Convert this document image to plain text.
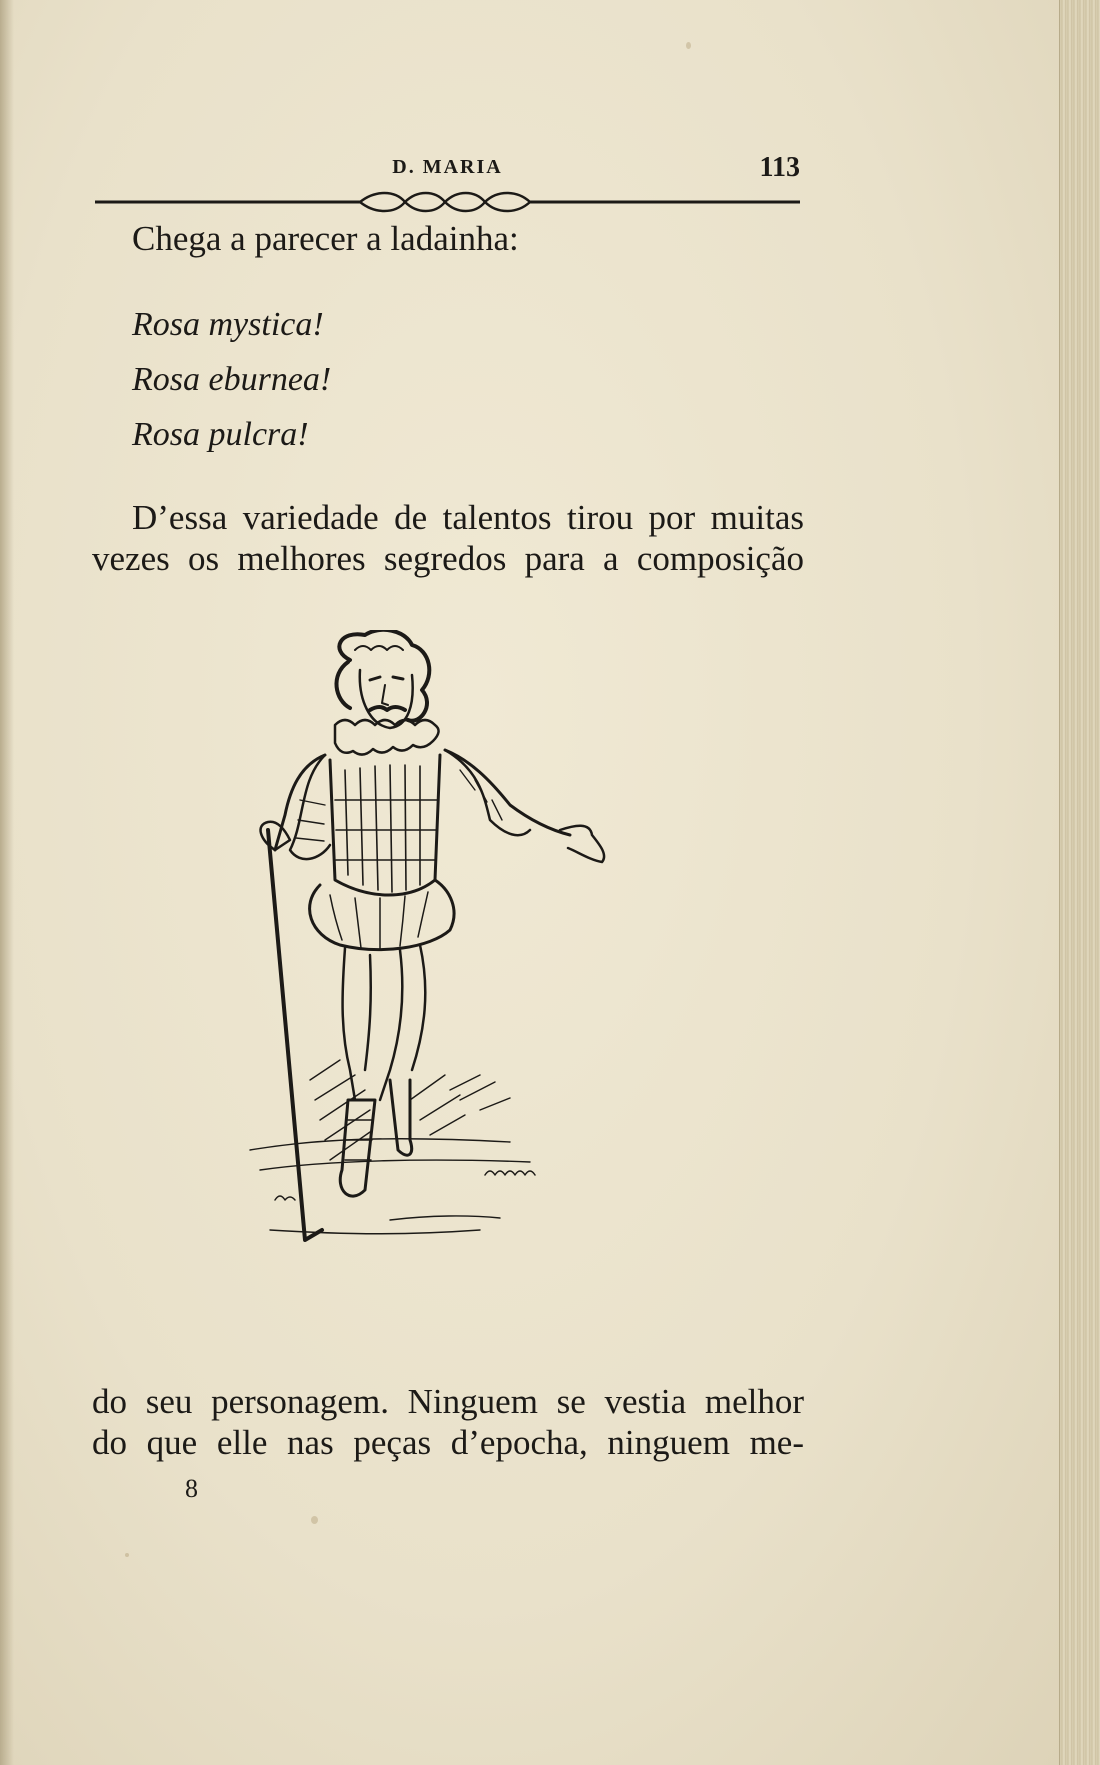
D. MARIA	113
Chega a parecer a ladainha:
Rosa mystica!
Rosa eburnea!
Rosa pulcra!
D’essa variedade de talentos tirou por muitas
vezes os melhores segredos para a composição
do seu personagem. Ninguem se vestia melhor
do que elle nas peças d’epocha, ninguem me-
8
